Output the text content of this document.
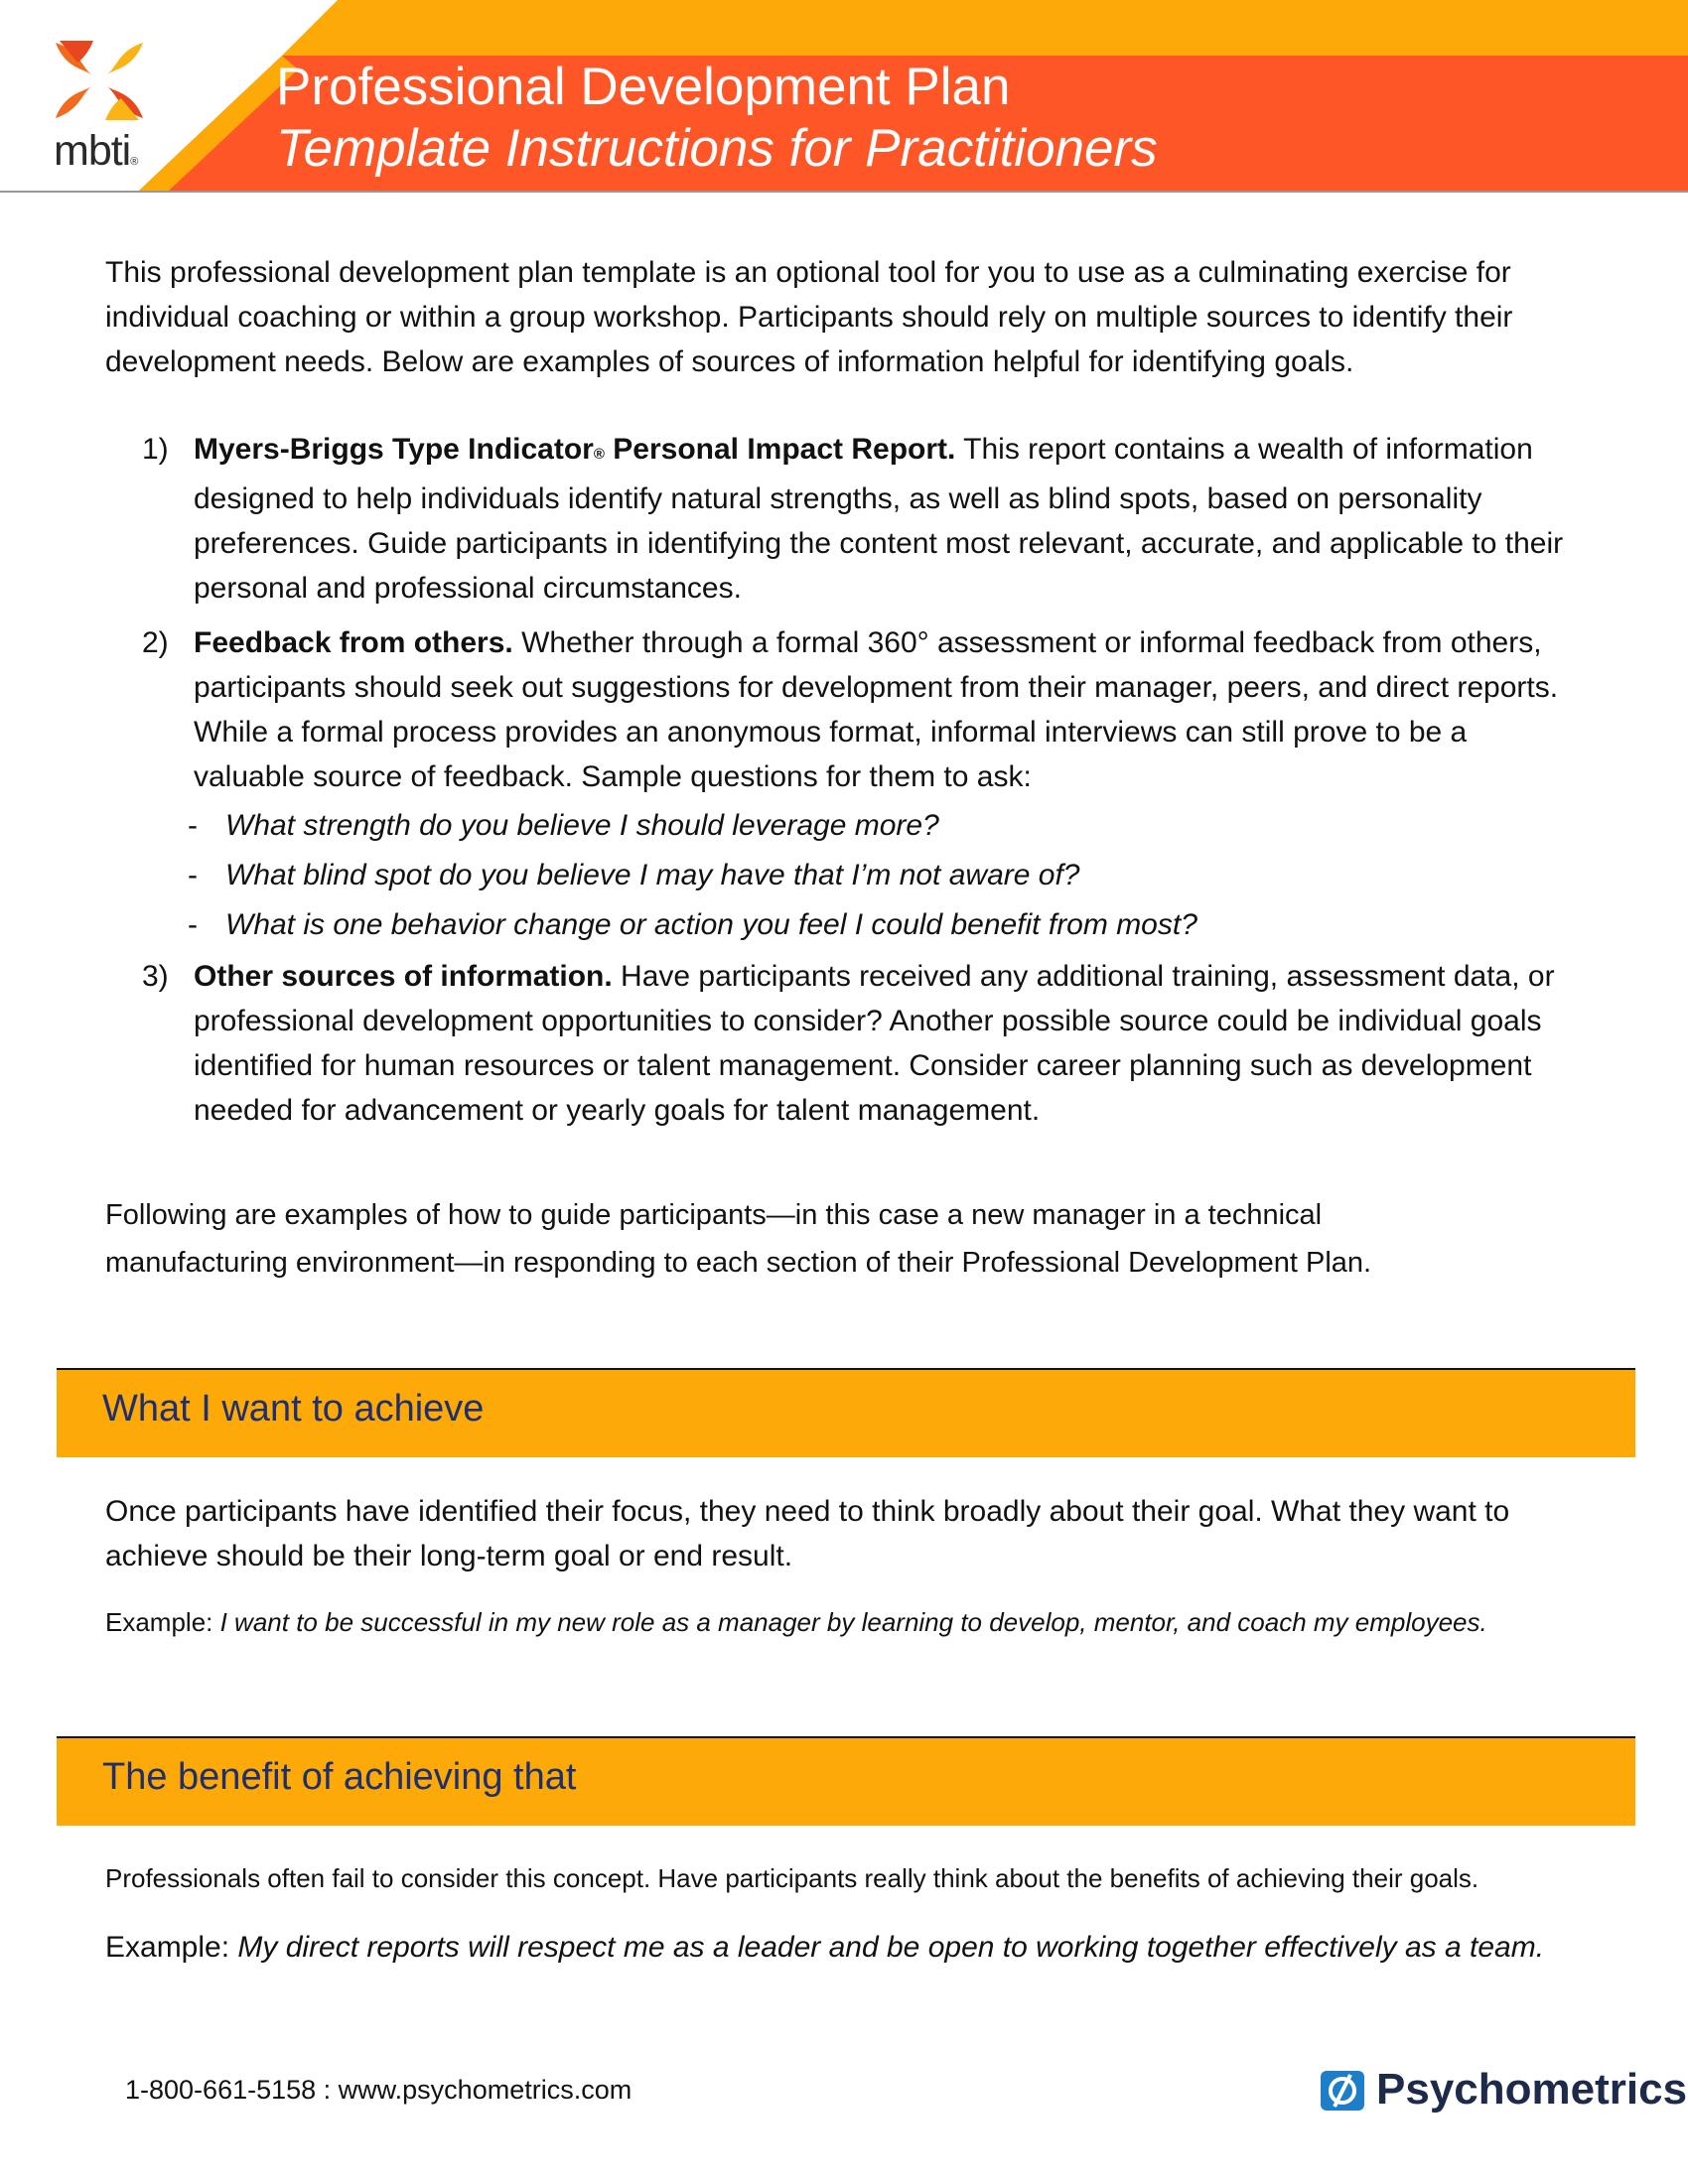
mbti®
Professional Development Plan
Template Instructions for Practitioners

This professional development plan template is an optional tool for you to use as a culminating exercise for individual coaching or within a group workshop. Participants should rely on multiple sources to identify their development needs. Below are examples of sources of information helpful for identifying goals.

1) Myers-Briggs Type Indicator® Personal Impact Report. This report contains a wealth of information designed to help individuals identify natural strengths, as well as blind spots, based on personality preferences. Guide participants in identifying the content most relevant, accurate, and applicable to their personal and professional circumstances.
2) Feedback from others. Whether through a formal 360° assessment or informal feedback from others, participants should seek out suggestions for development from their manager, peers, and direct reports. While a formal process provides an anonymous format, informal interviews can still prove to be a valuable source of feedback. Sample questions for them to ask:
- What strength do you believe I should leverage more?
- What blind spot do you believe I may have that I’m not aware of?
- What is one behavior change or action you feel I could benefit from most?
3) Other sources of information. Have participants received any additional training, assessment data, or professional development opportunities to consider? Another possible source could be individual goals identified for human resources or talent management. Consider career planning such as development needed for advancement or yearly goals for talent management.

Following are examples of how to guide participants—in this case a new manager in a technical manufacturing environment—in responding to each section of their Professional Development Plan.

What I want to achieve

Once participants have identified their focus, they need to think broadly about their goal. What they want to achieve should be their long-term goal or end result.

Example: I want to be successful in my new role as a manager by learning to develop, mentor, and coach my employees.
The benefit of achieving that

Professionals often fail to consider this concept. Have participants really think about the benefits of achieving their goals.

Example: My direct reports will respect me as a leader and be open to working together effectively as a team.
1-800-661-5158 : www.psychometrics.com	Psychometrics
